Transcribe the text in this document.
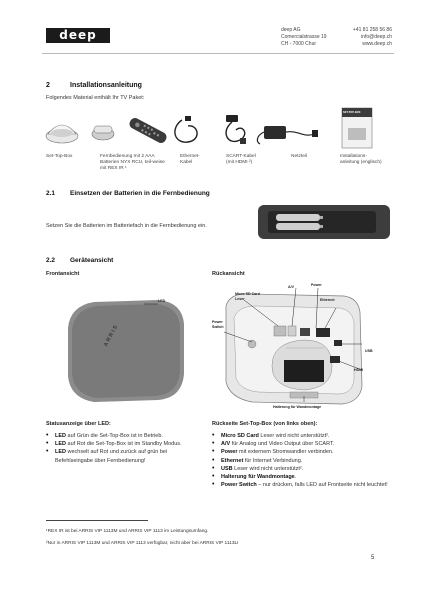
deep	deep AG
Comercialstrasse 19
CH - 7000 Chur
+41 81 258 56 86
info@deep.ch
www.deep.ch
2	Installationsanleitung
Folgendes Material enthält Ihr TV Paket:
SET-TOP-BOX
Set-Top-Box	Fernbedienung mit 2 AAA Batterien NYX RCU, teil-weise mit REX IR ¹
Ethernet-Kabel
SCART-Kabel (mit HDMI ²)
Netzteil	Installations-anleitung (englisch)
2.1 Einsetzen der Batterien in die Fernbedienung
Setzen Sie die Batterien im Batteriefach in die Fernbedienung ein.
2.2 Geräteansicht
Frontansicht	Rückansicht
ARRIS
LED
A/V	Power
Ethernet
Micro SD Card Leser
Power Switch
USB
HDMI
Halterung für Wandmontage
Statusanzeige über LED:
• LED auf Grün die Set-Top-Box ist in Betrieb.
• LED auf Rot die Set-Top-Box ist im Standby Modus.
• LED wechselt auf Rot und zurück auf grün bei Befehlseingabe über Fernbedienung!
Rückseite Set-Top-Box (von links oben):
• Micro SD Card Leser wird nicht unterstützt².
• A/V für Analog und Video Output über SCART.
• Power mit externem Stromwandler verbinden.
• Ethernet für Internet Verbindung.
• USB Leser wird nicht unterstützt².
• Halterung für Wandmontage.
• Power Switch – nur drücken, falls LED auf Frontseite nicht leuchtet!
¹REX IR ist bei ARRIS VIP 1113M und ARRIS VIP 1113 im Leistungsumfang.
²Nur in ARRIS VIP 1113M und ARRIS VIP 1113 verfügbar, nicht aber bei ARRIS VIP 1113LI
5
